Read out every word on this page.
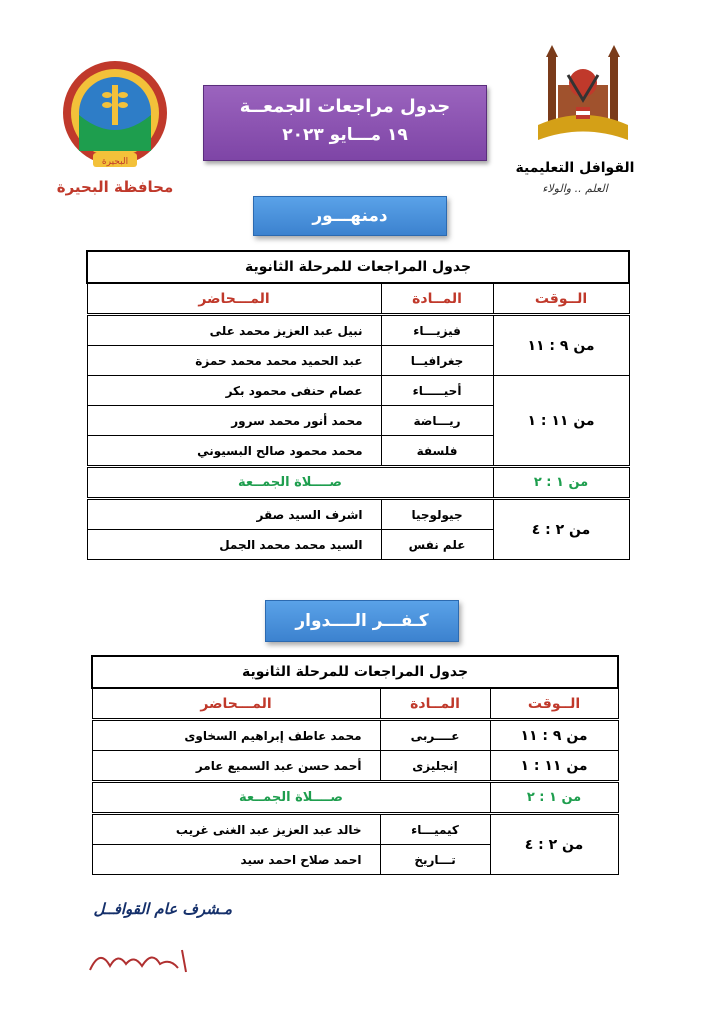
البحيرة
محافظة البحيرة
جدول مراجعات الجمعــة
١٩ مـــايو ٢٠٢٣
القوافل التعليمية
العلم .. والولاء
دمنهـــور
جدول المراجعات للمرحلة الثانوية		
الــوقت	المــادة	المـــحاضر
من ٩ : ١١	فيزيـــاء	نبيل عبد العزيز محمد على
	جغرافيــا	عبد الحميد محمد محمد حمزة
من ١١ : ١	أحيـــــاء	عصام حنفى محمود بكر
	ريـــاضة	محمد أنور محمد سرور
	فلسفة	محمد محمود صالح البسيوني
من ١ : ٢	صــــلاة الجمــعة	
من ٢ : ٤	جيولوجيا	اشرف السيد صقر
	علم نفس	السيد محمد محمد الجمل
كـفـــر الــــدوار
جدول المراجعات للمرحلة الثانوية		
الــوقت	المــادة	المـــحاضر
من ٩ : ١١	عــــربى	محمد عاطف إبراهيم السخاوى
من ١١ : ١	إنجليزى	أحمد حسن عبد السميع عامر
من ١ : ٢	صــــلاة الجمــعة	
من ٢ : ٤	كيميـــاء	خالد عبد العزيز عبد الغنى غريب
	تـــاريخ	احمد صلاح احمد سيد
مـشرف عام القوافــل
